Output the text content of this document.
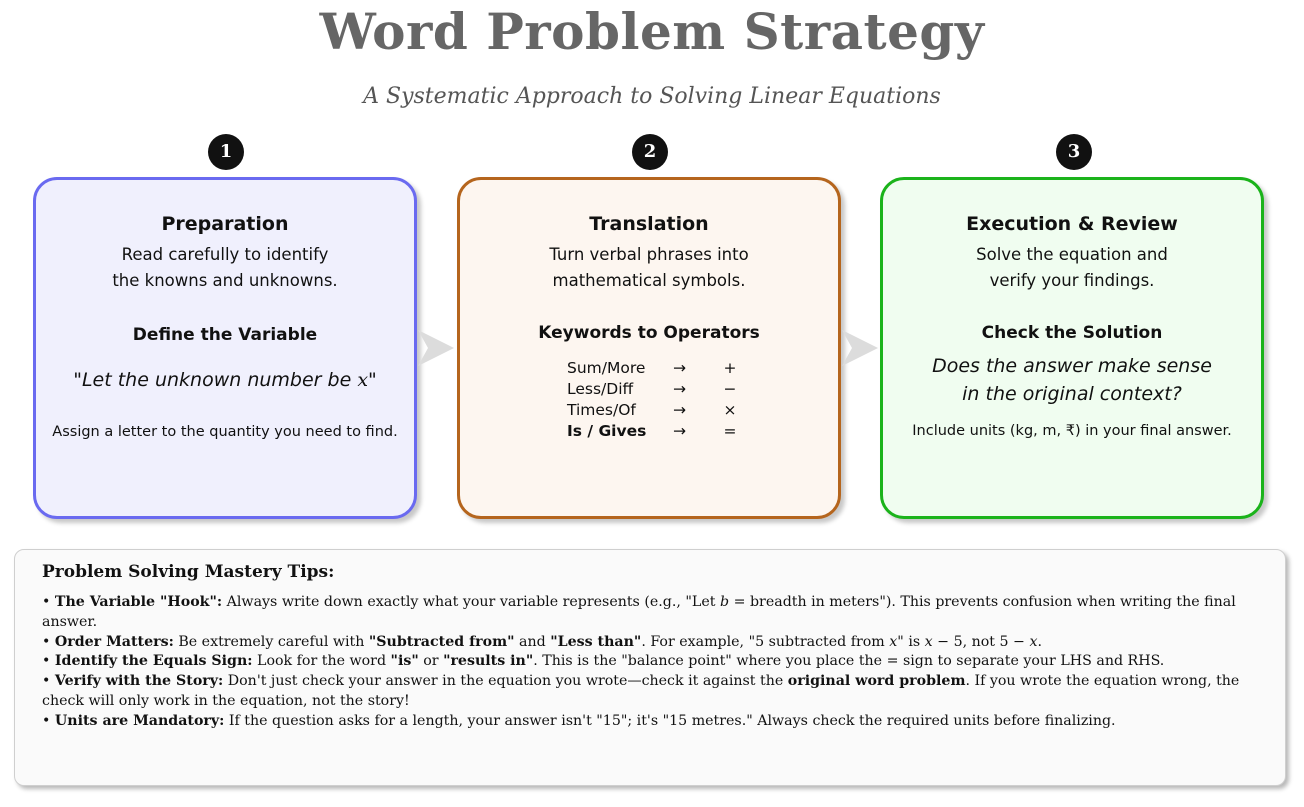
Word Problem Strategy
A Systematic Approach to Solving Linear Equations
1	2	3
Preparation
Read carefully to identify
the knowns and unknowns.
Define the Variable
"Let the unknown number be x"
Assign a letter to the quantity you need to find.
Translation
Turn verbal phrases into
mathematical symbols.
Keywords to Operators
Sum/More	→	+
Less/Diff	→	−
Times/Of	→	×
Is / Gives	→	=
Execution & Review
Solve the equation and
verify your findings.
Check the Solution
Does the answer make sense
in the original context?
Include units (kg, m, ₹) in your final answer.
Problem Solving Mastery Tips:

• The Variable "Hook": Always write down exactly what your variable represents (e.g., "Let b = breadth in meters"). This prevents confusion when writing the final answer.

• Order Matters: Be extremely careful with "Subtracted from" and "Less than". For example, "5 subtracted from x" is x − 5, not 5 − x.

• Identify the Equals Sign: Look for the word "is" or "results in". This is the "balance point" where you place the = sign to separate your LHS and RHS.

• Verify with the Story: Don't just check your answer in the equation you wrote—check it against the original word problem. If you wrote the equation wrong, the check will only work in the equation, not the story!

• Units are Mandatory: If the question asks for a length, your answer isn't "15"; it's "15 metres." Always check the required units before finalizing.
